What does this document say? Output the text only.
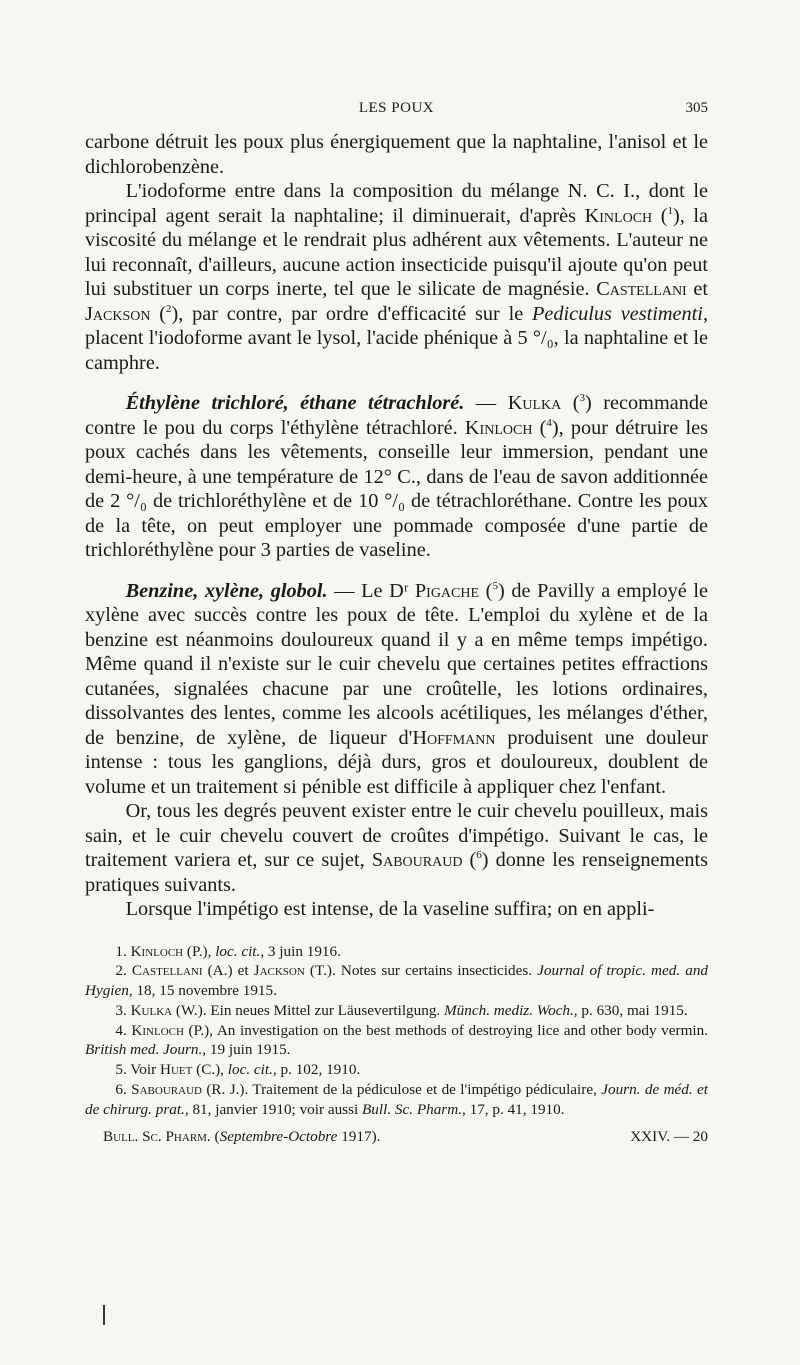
LES POUX	305

carbone détruit les poux plus énergiquement que la naphtaline, l'anisol et le dichlorobenzène.

L'iodoforme entre dans la composition du mélange N. C. I., dont le principal agent serait la naphtaline; il diminuerait, d'après Kinloch ($^1$), la viscosité du mélange et le rendrait plus adhérent aux vêtements. L'auteur ne lui reconnaît, d'ailleurs, aucune action insecticide puisqu'il ajoute qu'on peut lui substituer un corps inerte, tel que le silicate de magnésie. Castellani et Jackson ($^2$), par contre, par ordre d'efficacité sur le Pediculus vestimenti, placent l'iodoforme avant le lysol, l'acide phénique à 5 °/₀, la naphtaline et le camphre.

Éthylène trichloré, éthane tétrachloré. — Kulka ($^3$) recommande contre le pou du corps l'éthylène tétrachloré. Kinloch ($^4$), pour détruire les poux cachés dans les vêtements, conseille leur immersion, pendant une demi-heure, à une température de 12° C., dans de l'eau de savon additionnée de 2 °/₀ de trichloréthylène et de 10 °/₀ de tétrachloréthane. Contre les poux de la tête, on peut employer une pommade composée d'une partie de trichloréthylène pour 3 parties de vaseline.

Benzine, xylène, globol. — Le Dʳ Pigache ($^5$) de Pavilly a employé le xylène avec succès contre les poux de tête. L'emploi du xylène et de la benzine est néanmoins douloureux quand il y a en même temps impétigo. Même quand il n'existe sur le cuir chevelu que certaines petites effractions cutanées, signalées chacune par une croûtelle, les lotions ordinaires, dissolvantes des lentes, comme les alcools acétiliques, les mélanges d'éther, de benzine, de xylène, de liqueur d'Hoffmann produisent une douleur intense : tous les ganglions, déjà durs, gros et douloureux, doublent de volume et un traitement si pénible est difficile à appliquer chez l'enfant.

Or, tous les degrés peuvent exister entre le cuir chevelu pouilleux, mais sain, et le cuir chevelu couvert de croûtes d'impétigo. Suivant le cas, le traitement variera et, sur ce sujet, Sabouraud ($^6$) donne les renseignements pratiques suivants.

Lorsque l'impétigo est intense, de la vaseline suffira; on en appli-

1. Kinloch (P.), loc. cit., 3 juin 1916.

2. Castellani (A.) et Jackson (T.). Notes sur certains insecticides. Journal of tropic. med. and Hygien, 18, 15 novembre 1915.

3. Kulka (W.). Ein neues Mittel zur Läusevertilgung. Münch. mediz. Woch., p. 630, mai 1915.

4. Kinloch (P.), An investigation on the best methods of destroying lice and other body vermin. British med. Journ., 19 juin 1915.

5. Voir Huet (C.), loc. cit., p. 102, 1910.

6. Sabouraud (R. J.). Traitement de la pédiculose et de l'impétigo pédiculaire, Journ. de méd. et de chirurg. prat., 81, janvier 1910; voir aussi Bull. Sc. Pharm., 17, p. 41, 1910.

Bull. Sc. Pharm. (Septembre-Octobre 1917).	XXIV. — 20
